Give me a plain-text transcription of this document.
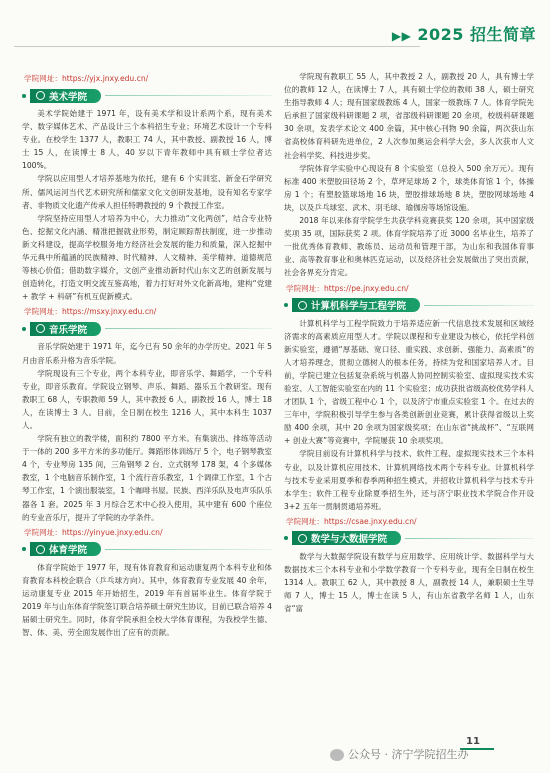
▶▶ 2025 招生简章
学院网址：https://yjx.jnxy.edu.cn/
美术学院

美术学院始建于 1971 年，设有美术学和设计系两个系，现有美术学、数字媒体艺术、产品设计三个本科招生专业；环境艺术设计一个专科专业。在校学生 1377 人，教职工 74 人，其中教授、副教授 16 人，博士 15 人，在读博士 8 人，40 岁以下青年教师中具有硕士学位者达 100%。

学院以应用型人才培养基地为依托，建有 6 个实训室、新金石学研究所、儒风运河当代艺术研究所和儒家文化文创研发基地，设有知名专家学者、非物质文化遗产传承人担任特聘教授的 9 个教授工作室。

学院坚持应用型人才培养为中心，大力推动“文化两创”，结合专业特色、挖掘文化内涵、精准把握就业形势，制定顾踪帮扶制度，进一步推动新文科建设，提高学校服务地方经济社会发展的能力和质量，深入挖掘中华元典中所蕴涵的民族精神、时代精神、人文精神、美学精神、道德规范等核心价值；借助数字媒介，文创产业推动新时代山东文艺的创新发展与创造转化，打造文明交流互鉴高地，着力打好对外文化新高地，建构“党建 + 教学 + 科研”有机互促新模式。

学院网址：https://msxy.jnxy.edu.cn/
音乐学院

音乐学院始建于 1971 年，迄今已有 50 余年的办学历史。2021 年 5 月由音乐系升格为音乐学院。

学院现设有三个专业，两个本科专业，即音乐学、舞蹈学，一个专科专业，即音乐教育。学院设立钢琴、声乐、舞蹈、器乐五个教研室。现有教职工 68 人，专职教师 59 人，其中教授 6 人，副教授 16 人，博士 18 人，在读博士 3 人。目前，全日制在校生 1216 人，其中本科生 1037 人。

学院有独立的教学楼，面积约 7800 平方米。有集演出、排练等活动于一体的 200 多平方米的多功能厅。舞蹈形体训练厅 5 个，电子钢琴教室 4 个，专业琴房 135 间，三角钢琴 2 台、立式钢琴 178 架，4 个多媒体教室，1 个电脑音乐制作室，1 个流行音乐教室，1 个调律工作室，1 个古琴工作室，1 个演出服装室，1 个咖啡书屋。民族、西洋乐队及电声乐队乐器各 1 套。2025 年 3 月综合艺术中心投入使用，其中建有 600 个座位的专业音乐厅，提升了学院的办学条件。

学院网址：https://yinyue.jnxy.edu.cn/
体育学院

体育学院始于 1977 年，现有体育教育和运动康复两个本科专业和体育教育本科校企联合（乒乓球方向）。其中，体育教育专业发展 40 余年，运动康复专业 2015 年开始招生，2019 年有首届毕业生。体育学院于 2019 年与山东体育学院签订联合培养硕士研究生协议，目前已联合培养 4 届硕士研究生。同时，体育学院承担全校大学体育课程，为我校学生德、智、体、美、劳全面发展作出了应有的贡献。

学院现有教职工 55 人，其中教授 2 人，副教授 20 人，具有博士学位的教师 12 人，在读博士 7 人，具有硕士学位的教师 38 人，硕士研究生指导教师 4 人；现有国家级教练 4 人，国家一级教练 7 人。体育学院先后承担了国家级科研课题 2 项，省部级科研课题 20 余项，校级科研课题 30 余项，发表学术论文 400 余篇，其中核心刊物 90 余篇，两次获山东省高校体育科研先进单位，2 人次参加奥运会科学大会，多人次获市人文社会科学奖、科技进步奖。

学院体育学实验中心现设有 8 个实验室（总投入 500 余万元）。现有标准 400 米塑胶田径场 2 个，草坪足球场 2 个，球类体育馆 1 个，体操房 1 个；有塑胶篮球场地 16 块，塑胶排球场地 8 块，塑胶网球场地 4 块，以及乒乓球室、武术、羽毛球、瑜伽房等场馆设施。

2018 年以来体育学院学生共获学科竞赛获奖 120 余项，其中国家级奖项 35 项，国际获奖 2 项。体育学院培养了近 3000 名毕业生，培养了一批优秀体育教师、教练员、运动员和管理干部，为山东和我国体育事业、高等教育事业和奥林匹克运动，以及经济社会发展做出了突出贡献，社会各界充分肯定。

学院网址：https://pe.jnxy.edu.cn/
计算机科学与工程学院

计算机科学与工程学院致力于培养适应新一代信息技术发展和区域经济需求的高素质应用型人才。学院以课程和专业建设为核心，依托学科创新实验室，遵循“厚基础、宽口径、重实践、求创新、强能力、高素质”的人才培养理念，贯彻立德树人的根本任务，持续为党和国家培养人才。目前，学院已建立包括复杂系统与机器人协同控制实验室、虚拟现实技术实验室、人工智能实验室在内的 11 个实验室；成功获批省级高校优势学科人才团队 1 个，省级工程中心 1 个，以及济宁市重点实验室 1 个。在过去的三年中，学院积极引导学生参与各类创新创业竞赛，累计获得省级以上奖励 400 余项，其中 20 余项为国家级奖项；在山东省“挑战杯”、“互联网 + 创业大赛”等竞赛中，学院屡获 10 余项奖项。

学院目前设有计算机科学与技术、软件工程、虚拟现实技术三个本科专业，以及计算机应用技术、计算机网络技术两个专科专业。计算机科学与技术专业采用夏季和春季两种招生模式，并招收计算机科学与技术专升本学生；软件工程专业除夏季招生外，还与济宁职业技术学院合作开设 3+2 五年一贯制贯通培养班。

学院网址：https://csae.jnxy.edu.cn/
数学与大数据学院

数学与大数据学院设有数学与应用数学、应用统计学、数据科学与大数据技术三个本科专业和小学数学教育一个专科专业，现有全日制在校生 1314 人。教职工 62 人，其中教授 8 人，副教授 14 人，兼职硕士生导师 7 人，博士 15 人，博士在读 5 人，有山东省教学名师 1 人，山东省“富

11
公众号 · 济宁学院招生办
